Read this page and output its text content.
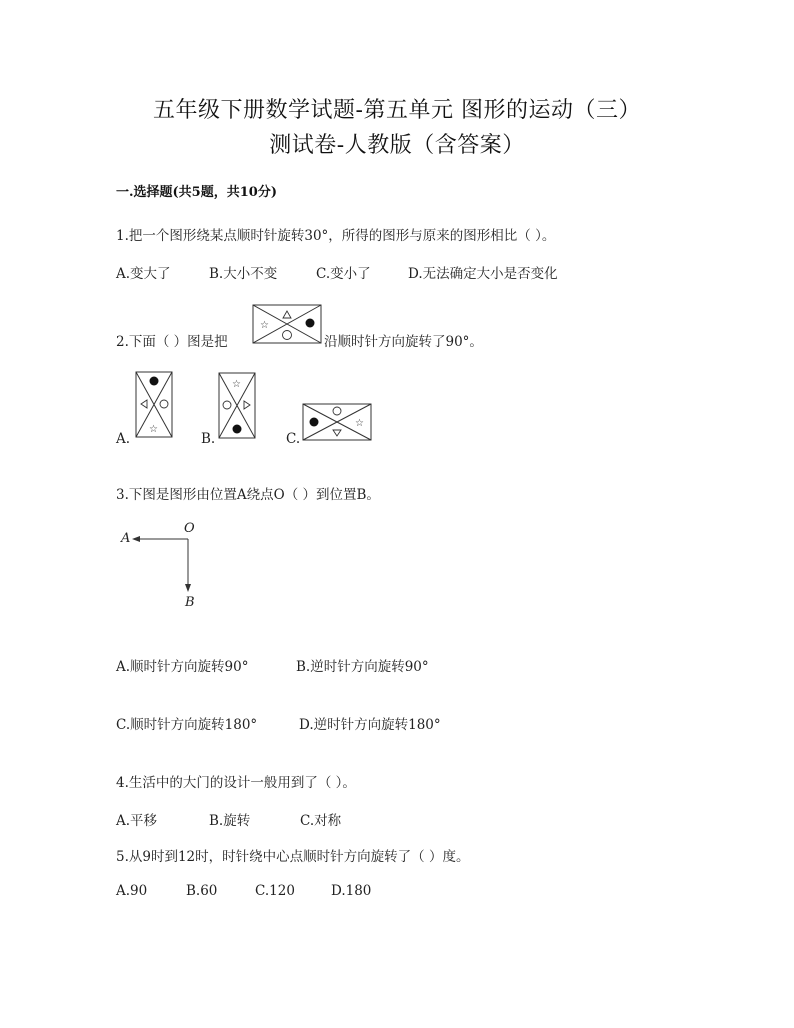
五年级下册数学试题-第五单元 图形的运动（三）
测试卷-人教版（含答案）
一.选择题(共5题，共10分)
1.把一个图形绕某点顺时针旋转30°，所得的图形与原来的图形相比（ ）。
A.变大了	B.大小不变	C.变小了	D.无法确定大小是否变化
2.下面（ ）图是把
☆
沿顺时针方向旋转了90°。
☆
A.
☆
B.
☆
C.
3.下图是图形由位置A绕点O（ ）到位置B。
A
O
B
A.顺时针方向旋转90°	B.逆时针方向旋转90°
C.顺时针方向旋转180°	D.逆时针方向旋转180°
4.生活中的大门的设计一般用到了（ ）。
A.平移	B.旋转	C.对称
5.从9时到12时，时针绕中心点顺时针方向旋转了（ ）度。
A.90	B.60	C.120	D.180
